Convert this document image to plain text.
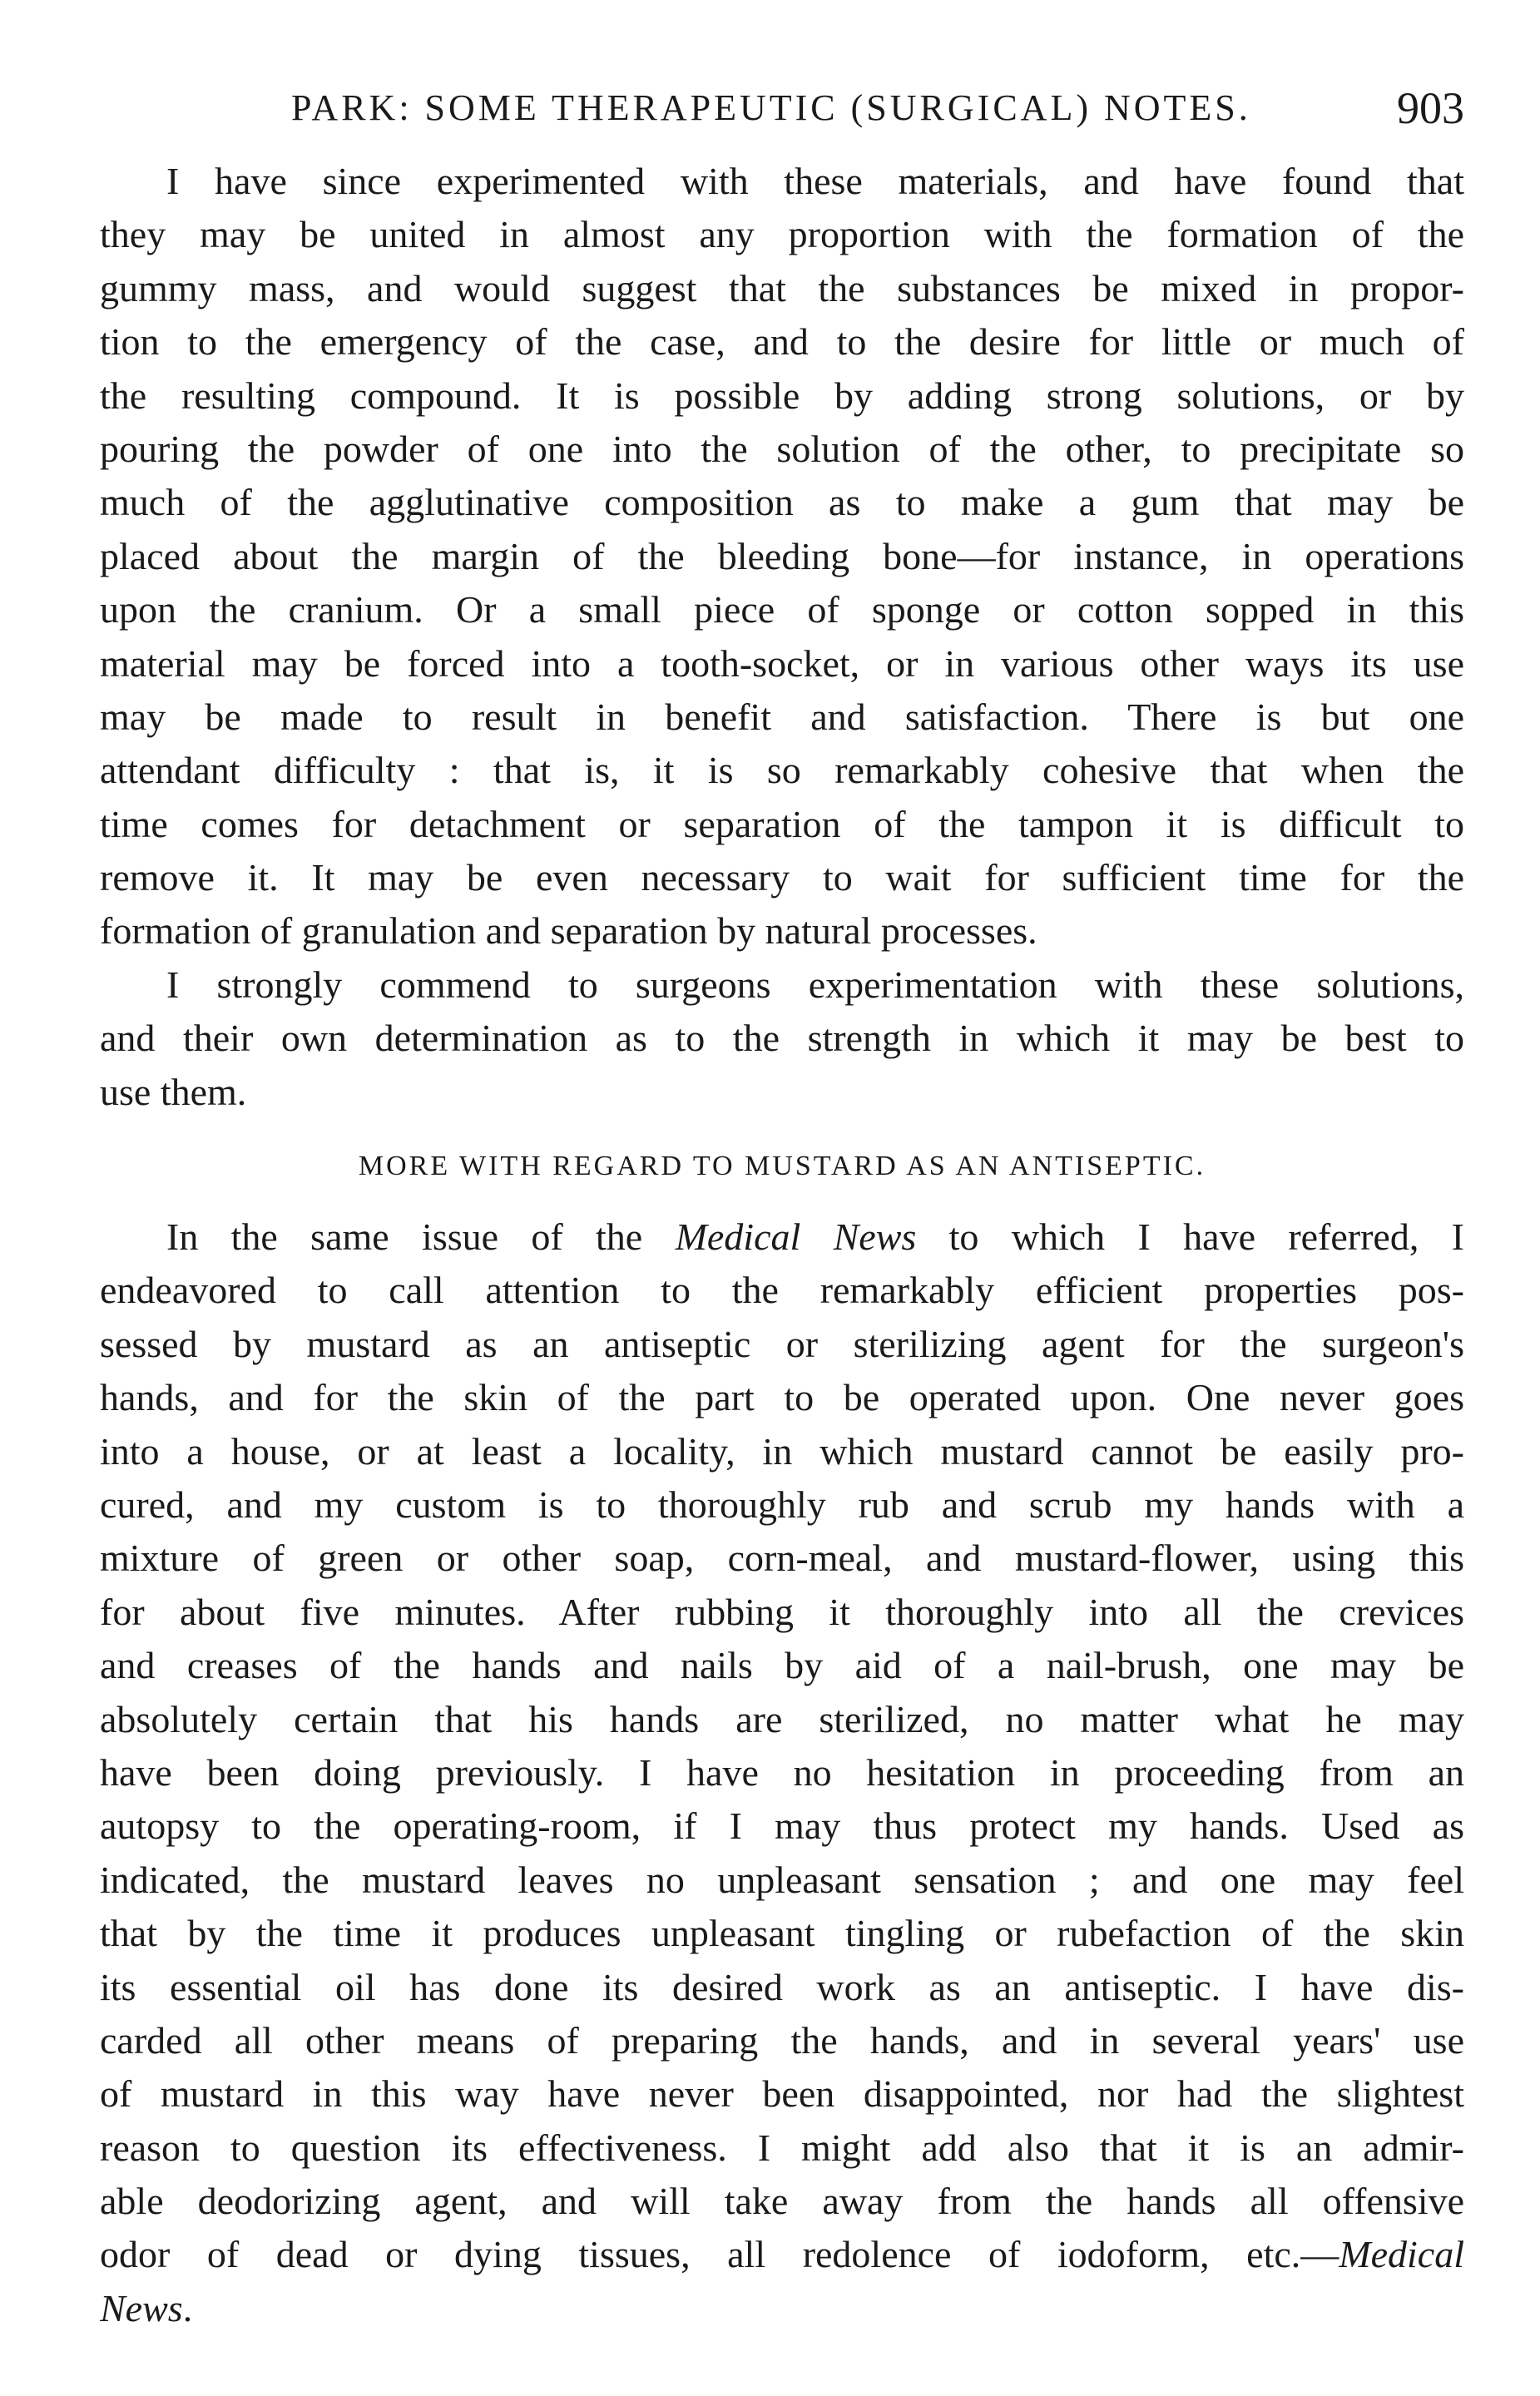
PARK: SOME THERAPEUTIC (SURGICAL) NOTES.	903
I have since experimented with these materials, and have found that
they may be united in almost any proportion with the formation of the
gummy mass, and would suggest that the substances be mixed in propor-
tion to the emergency of the case, and to the desire for little or much of
the resulting compound. It is possible by adding strong solutions, or by
pouring the powder of one into the solution of the other, to precipitate so
much of the agglutinative composition as to make a gum that may be
placed about the margin of the bleeding bone—for instance, in operations
upon the cranium. Or a small piece of sponge or cotton sopped in this
material may be forced into a tooth-socket, or in various other ways its use
may be made to result in benefit and satisfaction. There is but one
attendant difficulty : that is, it is so remarkably cohesive that when the
time comes for detachment or separation of the tampon it is difficult to
remove it. It may be even necessary to wait for sufficient time for the
formation of granulation and separation by natural processes.
I strongly commend to surgeons experimentation with these solutions,
and their own determination as to the strength in which it may be best to
use them.
MORE WITH REGARD TO MUSTARD AS AN ANTISEPTIC.
In the same issue of the Medical News to which I have referred, I
endeavored to call attention to the remarkably efficient properties pos-
sessed by mustard as an antiseptic or sterilizing agent for the surgeon's
hands, and for the skin of the part to be operated upon. One never goes
into a house, or at least a locality, in which mustard cannot be easily pro-
cured, and my custom is to thoroughly rub and scrub my hands with a
mixture of green or other soap, corn-meal, and mustard-flower, using this
for about five minutes. After rubbing it thoroughly into all the crevices
and creases of the hands and nails by aid of a nail-brush, one may be
absolutely certain that his hands are sterilized, no matter what he may
have been doing previously. I have no hesitation in proceeding from an
autopsy to the operating-room, if I may thus protect my hands. Used as
indicated, the mustard leaves no unpleasant sensation ; and one may feel
that by the time it produces unpleasant tingling or rubefaction of the skin
its essential oil has done its desired work as an antiseptic. I have dis-
carded all other means of preparing the hands, and in several years' use
of mustard in this way have never been disappointed, nor had the slightest
reason to question its effectiveness. I might add also that it is an admir-
able deodorizing agent, and will take away from the hands all offensive
odor of dead or dying tissues, all redolence of iodoform, etc.—Medical
News.
